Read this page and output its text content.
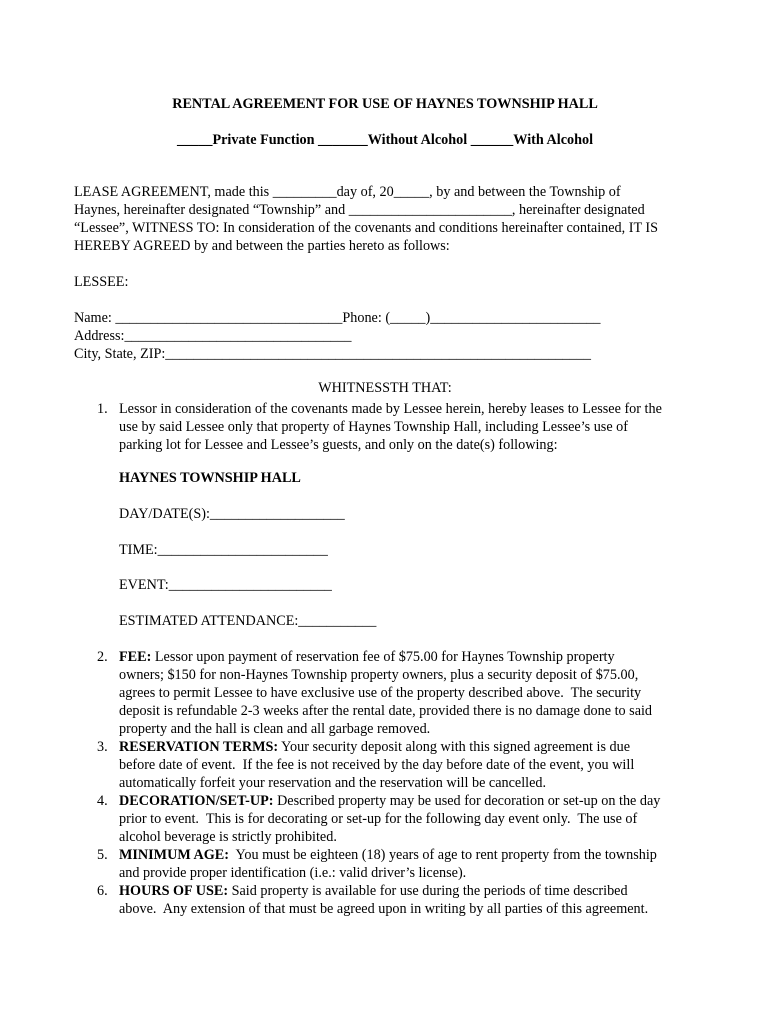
RENTAL AGREEMENT FOR USE OF HAYNES TOWNSHIP HALL
_____Private Function _______Without Alcohol ______With Alcohol
LEASE AGREEMENT, made this _________day of, 20_____, by and between the Township of
Haynes, hereinafter designated “Township” and _______________________, hereinafter designated
“Lessee”, WITNESS TO: In consideration of the covenants and conditions hereinafter contained, IT IS
HEREBY AGREED by and between the parties hereto as follows:
LESSEE:
Name: ________________________________Phone: (_____)________________________
Address:________________________________
City, State, ZIP:____________________________________________________________
WHITNESSTH THAT:
1. Lessor in consideration of the covenants made by Lessee herein, hereby leases to Lessee for the
use by said Lessee only that property of Haynes Township Hall, including Lessee’s use of
parking lot for Lessee and Lessee’s guests, and only on the date(s) following:
HAYNES TOWNSHIP HALL
DAY/DATE(S):___________________
TIME:________________________
EVENT:_______________________
ESTIMATED ATTENDANCE:___________
2. FEE: Lessor upon payment of reservation fee of $75.00 for Haynes Township property
owners; $150 for non-Haynes Township property owners, plus a security deposit of $75.00,
agrees to permit Lessee to have exclusive use of the property described above.  The security
deposit is refundable 2-3 weeks after the rental date, provided there is no damage done to said
property and the hall is clean and all garbage removed.
3. RESERVATION TERMS: Your security deposit along with this signed agreement is due
before date of event.  If the fee is not received by the day before date of the event, you will
automatically forfeit your reservation and the reservation will be cancelled.
4. DECORATION/SET-UP: Described property may be used for decoration or set-up on the day
prior to event.  This is for decorating or set-up for the following day event only.  The use of
alcohol beverage is strictly prohibited.
5. MINIMUM AGE:  You must be eighteen (18) years of age to rent property from the township
and provide proper identification (i.e.: valid driver’s license).
6. HOURS OF USE: Said property is available for use during the periods of time described
above.  Any extension of that must be agreed upon in writing by all parties of this agreement.
